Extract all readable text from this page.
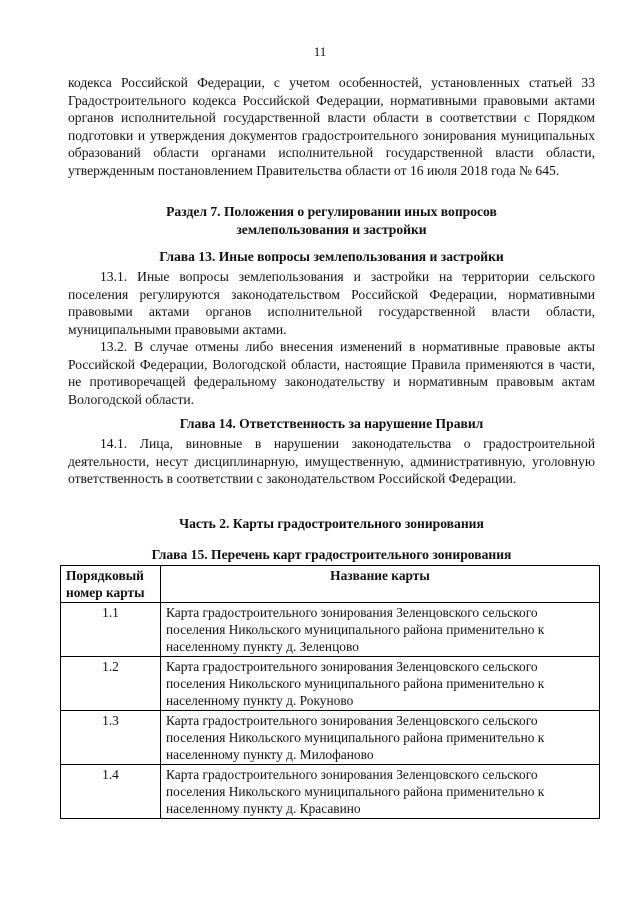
11
кодекса Российской Федерации, с учетом особенностей, установленных статьей 33 Градостроительного кодекса Российской Федерации, нормативными правовыми актами органов исполнительной государственной власти области в соответствии с Порядком подготовки и утверждения документов градостроительного зонирования муниципальных образований области органами исполнительной государственной власти области, утвержденным постановлением Правительства области от 16 июля 2018 года № 645.
Раздел 7. Положения о регулировании иных вопросов
землепользования и застройки
Глава 13. Иные вопросы землепользования и застройки
13.1. Иные вопросы землепользования и застройки на территории сельского поселения регулируются законодательством Российской Федерации, нормативными правовыми актами органов исполнительной государственной власти области, муниципальными правовыми актами.
13.2. В случае отмены либо внесения изменений в нормативные правовые акты Российской Федерации, Вологодской области, настоящие Правила применяются в части, не противоречащей федеральному законодательству и нормативным правовым актам Вологодской области.
Глава 14. Ответственность за нарушение Правил
14.1. Лица, виновные в нарушении законодательства о градостроительной деятельности, несут дисциплинарную, имущественную, административную, уголовную ответственность в соответствии с законодательством Российской Федерации.
Часть 2. Карты градостроительного зонирования
Глава 15. Перечень карт градостроительного зонирования
Порядковый
номер карты	Название карты
1.1	Карта градостроительного зонирования Зеленцовского сельского
поселения Никольского муниципального района применительно к
населенному пункту д. Зеленцово

1.2	Карта градостроительного зонирования Зеленцовского сельского
поселения Никольского муниципального района применительно к
населенному пункту д. Рокуново

1.3	Карта градостроительного зонирования Зеленцовского сельского
поселения Никольского муниципального района применительно к
населенному пункту д. Милофаново

1.4	Карта градостроительного зонирования Зеленцовского сельского
поселения Никольского муниципального района применительно к
населенному пункту д. Красавино
